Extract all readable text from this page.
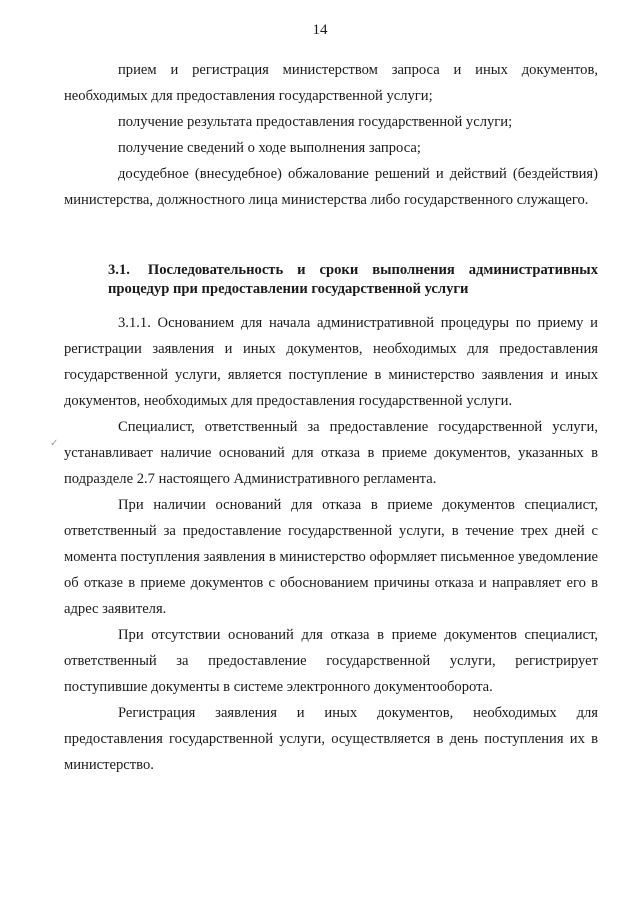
14

прием и регистрация министерством запроса и иных документов, необходимых для предоставления государственной услуги;

получение результата предоставления государственной услуги;

получение сведений о ходе выполнения запроса;

досудебное (внесудебное) обжалование решений и действий (бездействия) министерства, должностного лица министерства либо государственного служащего.

3.1. Последовательность и сроки выполнения административных процедур при предоставлении государственной услуги

3.1.1. Основанием для начала административной процедуры по приему и регистрации заявления и иных документов, необходимых для предоставления государственной услуги, является поступление в министерство заявления и иных документов, необходимых для предоставления государственной услуги.

Специалист, ответственный за предоставление государственной услуги, устанавливает наличие оснований для отказа в приеме документов, указанных в подразделе 2.7 настоящего Административного регламента.

При наличии оснований для отказа в приеме документов специалист, ответственный за предоставление государственной услуги, в течение трех дней с момента поступления заявления в министерство оформляет письменное уведомление об отказе в приеме документов с обоснованием причины отказа и направляет его в адрес заявителя.

При отсутствии оснований для отказа в приеме документов специалист, ответственный за предоставление государственной услуги, регистрирует поступившие документы в системе электронного документооборота.

Регистрация заявления и иных документов, необходимых для предоставления государственной услуги, осуществляется в день поступления их в министерство.

✓
